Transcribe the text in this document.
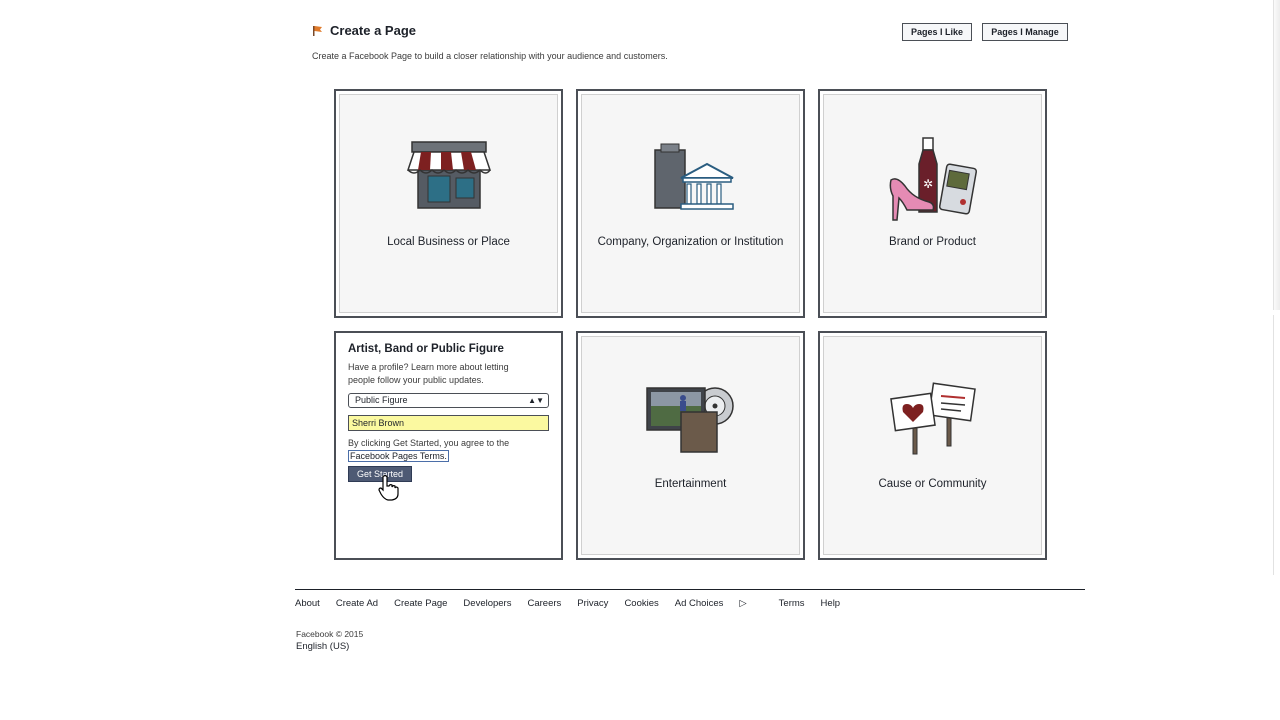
Create a Page
Create a Facebook Page to build a closer relationship with your audience and customers.
Pages I Like	Pages I Manage
Local Business or Place	Company, Organization or Institution
✲
Brand or Product
Artist, Band or Public Figure
Have a profile? Learn more about letting people follow your public updates.
Public Figure	▲▼
Sherri Brown
By clicking Get Started, you agree to the Facebook Pages Terms.
Get Started
Entertainment	Cause or Community
About Create Ad Create Page Developers Careers Privacy Cookies Ad Choices ▷	Terms Help
Facebook © 2015
English (US)
